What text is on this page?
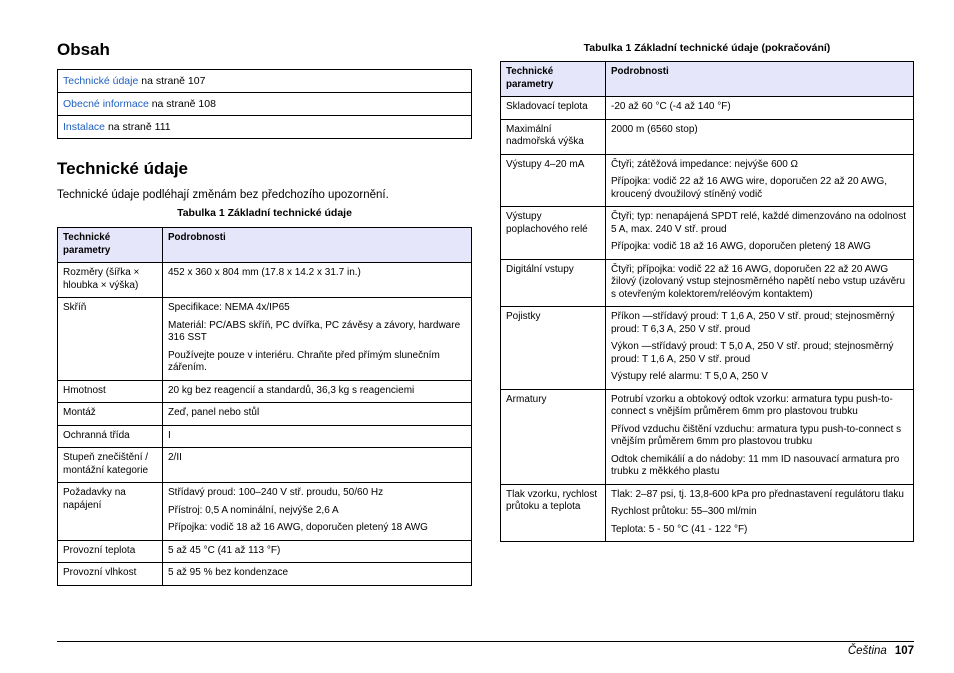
Obsah
Technické údaje na straně 107
Obecné informace na straně 108
Instalace na straně 111
Technické údaje

Technické údaje podléhají změnám bez předchozího upozornění.

Tabulka 1 Základní technické údaje

Technické parametry	Podrobnosti
Rozměry (šířka × hloubka × výška)	452 x 360 x 804 mm (17.8 x 14.2 x 31.7 in.)

Skříň	Specifikace: NEMA 4x/IP65

Materiál: PC/ABS skříň, PC dvířka, PC závěsy a závory, hardware 316 SST

Používejte pouze v interiéru. Chraňte před přímým slunečním zářením.

Hmotnost	20 kg bez reagencií a standardů, 36,3 kg s reagenciemi

Montáž	Zeď, panel nebo stůl

Ochranná třída	I

Stupeň znečištění / montážní kategorie	2/II

Požadavky na napájení	Střídavý proud: 100–240 V stř. proudu, 50/60 Hz

Přístroj: 0,5 A nominální, nejvýše 2,6 A

Přípojka: vodič 18 až 16 AWG, doporučen pletený 18 AWG

Provozní teplota	5 až 45 °C (41 až 113 °F)

Provozní vlhkost	5 až 95 % bez kondenzace

Tabulka 1 Základní technické údaje (pokračování)

Technické parametry	Podrobnosti
Skladovací teplota	-20 až 60 °C (-4 až 140 °F)

Maximální nadmořská výška	2000 m (6560 stop)

Výstupy 4–20 mA	Čtyři; zátěžová impedance: nejvýše 600 Ω

Přípojka: vodič 22 až 16 AWG wire, doporučen 22 až 20 AWG, kroucený dvoužilový stíněný vodič

Výstupy poplachového relé	Čtyři; typ: nenapájená SPDT relé, každé dimenzováno na odolnost 5 A, max. 240 V stř. proud

Přípojka: vodič 18 až 16 AWG, doporučen pletený 18 AWG

Digitální vstupy	Čtyři; přípojka: vodič 22 až 16 AWG, doporučen 22 až 20 AWG žilový (izolovaný vstup stejnosměrného napětí nebo vstup uzávěru s otevřeným kolektorem/reléovým kontaktem)

Pojistky	Příkon —střídavý proud: T 1,6 A, 250 V stř. proud; stejnosměrný proud: T 6,3 A, 250 V stř. proud

Výkon —střídavý proud: T 5,0 A, 250 V stř. proud; stejnosměrný proud: T 1,6 A, 250 V stř. proud

Výstupy relé alarmu: T 5,0 A, 250 V

Armatury	Potrubí vzorku a obtokový odtok vzorku: armatura typu push-to-connect s vnějším průměrem 6mm pro plastovou trubku

Přívod vzduchu čištění vzduchu: armatura typu push-to-connect s vnějším průměrem 6mm pro plastovou trubku

Odtok chemikálií a do nádoby: 11 mm ID nasouvací armatura pro trubku z měkkého plastu

Tlak vzorku, rychlost průtoku a teplota	Tlak: 2–87 psi, tj. 13,8-600 kPa pro přednastavení regulátoru tlaku

Rychlost průtoku: 55–300 ml/min

Teplota: 5 - 50 °C (41 - 122 °F)

Čeština 107
